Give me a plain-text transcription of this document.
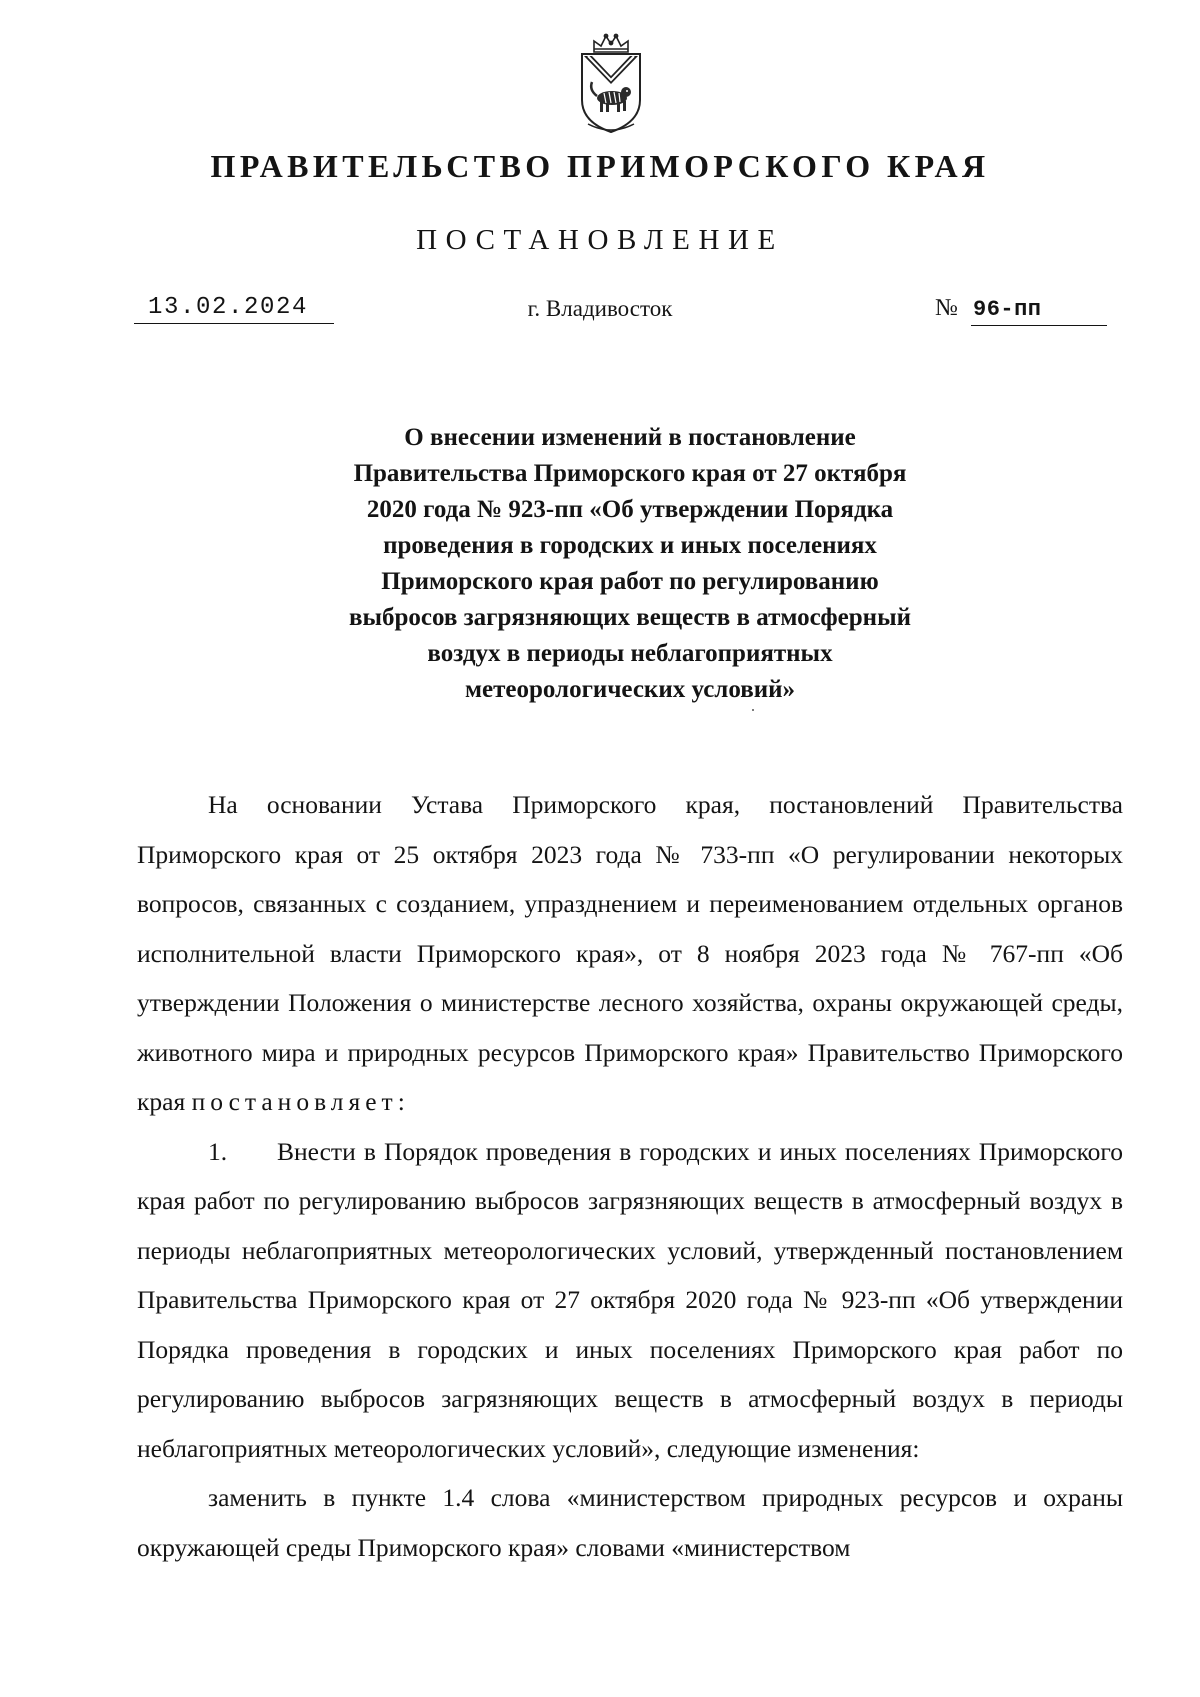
ПРАВИТЕЛЬСТВО ПРИМОРСКОГО КРАЯ
ПОСТАНОВЛЕНИЕ
13.02.2024	г. Владивосток	№ 96-пп
О внесении изменений в постановление
Правительства Приморского края от 27 октября
2020 года № 923-пп «Об утверждении Порядка
проведения в городских и иных поселениях
Приморского края работ по регулированию
выбросов загрязняющих веществ в атмосферный
воздух в периоды неблагоприятных
метеорологических условий»

На основании Устава Приморского края, постановлений Правительства Приморского края от 25 октября 2023 года № 733-пп «О регулировании некоторых вопросов, связанных с созданием, упразднением и переименованием отдельных органов исполнительной власти Приморского края», от 8 ноября 2023 года № 767-пп «Об утверждении Положения о министерстве лесного хозяйства, охраны окружающей среды, животного мира и природных ресурсов Приморского края» Правительство Приморского края постановляет:

1. Внести в Порядок проведения в городских и иных поселениях Приморского края работ по регулированию выбросов загрязняющих веществ в атмосферный воздух в периоды неблагоприятных метеорологических условий, утвержденный постановлением Правительства Приморского края от 27 октября 2020 года № 923-пп «Об утверждении Порядка проведения в городских и иных поселениях Приморского края работ по регулированию выбросов загрязняющих веществ в атмосферный воздух в периоды неблагоприятных метеорологических условий», следующие изменения:

заменить в пункте 1.4 слова «министерством природных ресурсов и охраны окружающей среды Приморского края» словами «министерством
